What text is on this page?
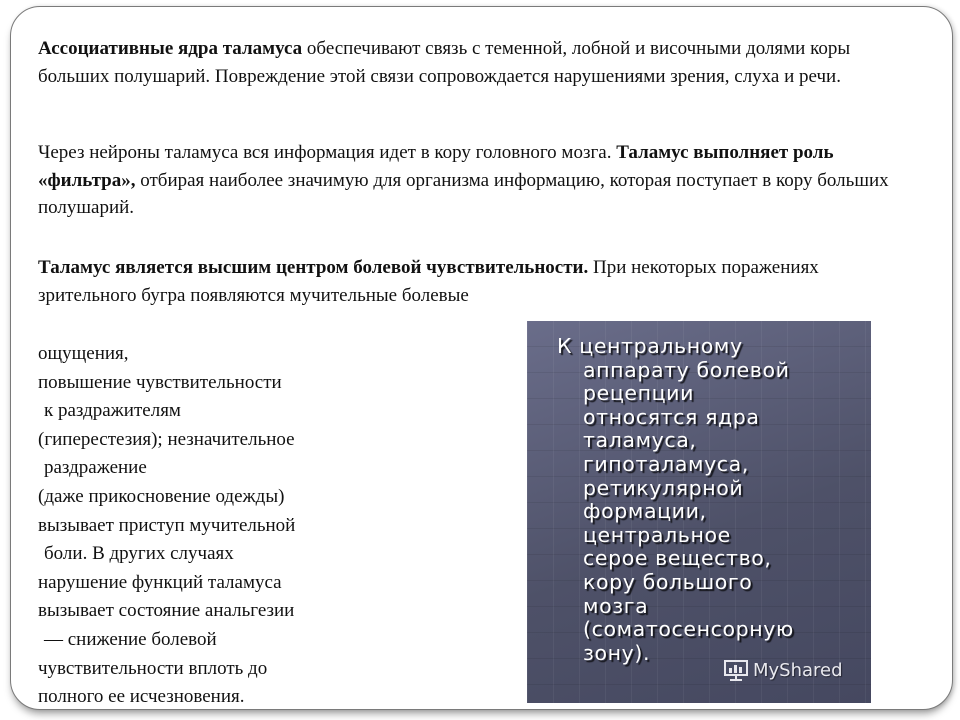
Ассоциативные ядра таламуса обеспечивают связь с теменной, лобной и височными долями коры больших полушарий. Повреждение этой связи сопровождается нарушениями зрения, слуха и речи.

Через нейроны таламуса вся информация идет в кору головного мозга. Таламус выполняет роль «фильтра», отбирая наиболее значимую для организма информацию, которая поступает в кору больших полушарий.

Таламус является высшим центром болевой чувствительности. При некоторых поражениях зрительного бугра появляются мучительные болевые

ощущения,
повышение чувствительности
к раздражителям
(гиперестезия); незначительное
раздражение
(даже прикосновение одежды)
вызывает приступ мучительной
боли. В других случаях
нарушение функций таламуса
вызывает состояние анальгезии
— снижение болевой
чувствительности вплоть до
полного ее исчезновения.

К центральному
аппарату болевой
рецепции
относятся ядра
таламуса,
гипоталамуса,
ретикулярной
формации,
центральное
серое вещество,
кору большого
мозга
(соматосенсорную
зону).

MyShared
